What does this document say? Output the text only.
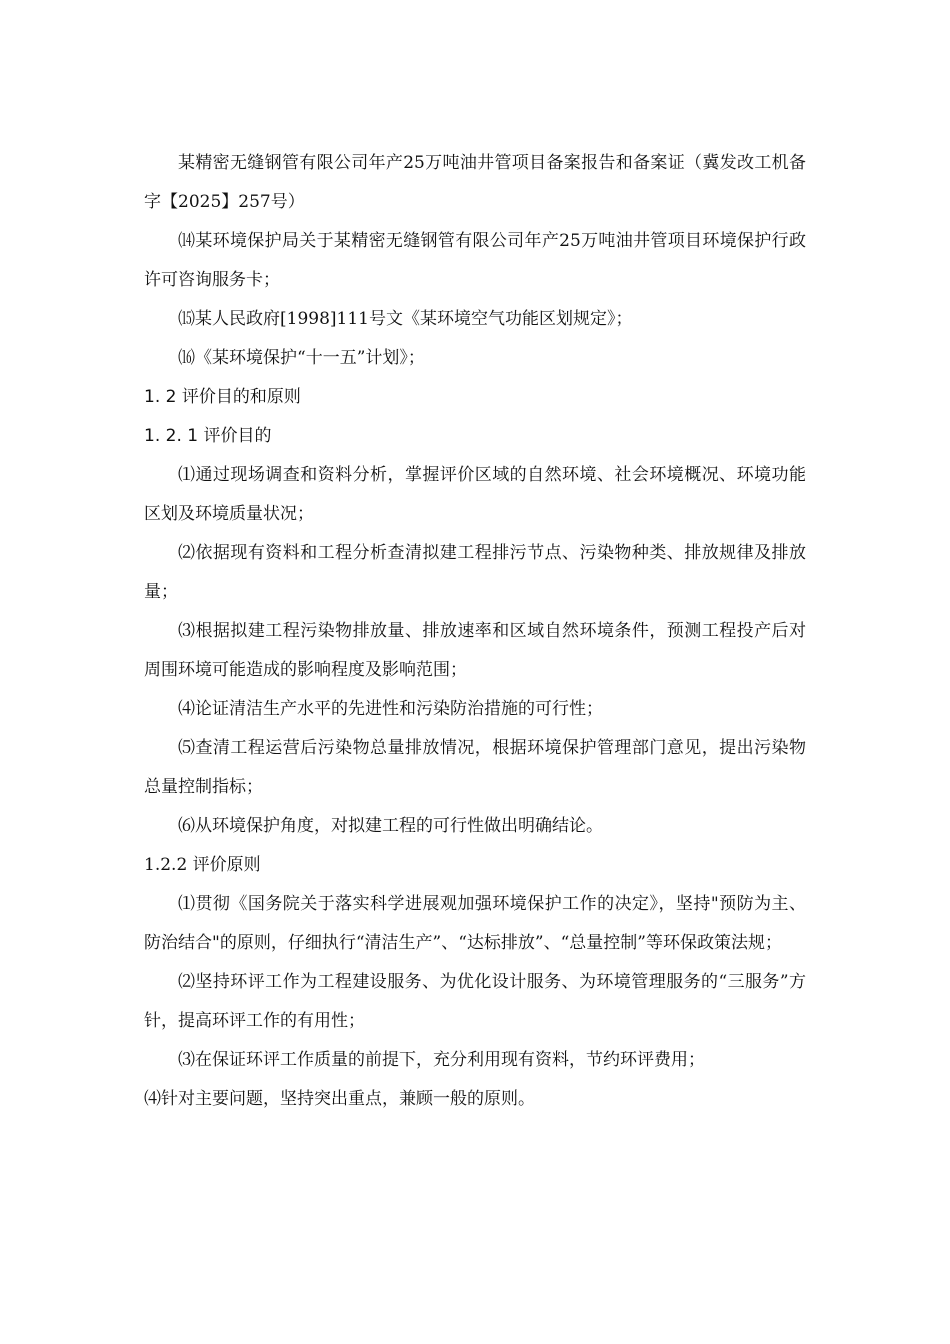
某精密无缝钢管有限公司年产25万吨油井管项目备案报告和备案证（冀发改工机备字【2025】257号）

⒁某环境保护局关于某精密无缝钢管有限公司年产25万吨油井管项目环境保护行政许可咨询服务卡；

⒂某人民政府[1998]111号文《某环境空气功能区划规定》；

⒃《某环境保护“十一五”计划》；

1. 2 评价目的和原则

1. 2. 1 评价目的

⑴通过现场调查和资料分析，掌握评价区域的自然环境、社会环境概况、环境功能区划及环境质量状况；

⑵依据现有资料和工程分析查清拟建工程排污节点、污染物种类、排放规律及排放量；

⑶根据拟建工程污染物排放量、排放速率和区域自然环境条件，预测工程投产后对周围环境可能造成的影响程度及影响范围；

⑷论证清洁生产水平的先进性和污染防治措施的可行性；

⑸查清工程运营后污染物总量排放情况，根据环境保护管理部门意见，提出污染物总量控制指标；

⑹从环境保护角度，对拟建工程的可行性做出明确结论。

1.2.2 评价原则

⑴贯彻《国务院关于落实科学进展观加强环境保护工作的决定》，坚持"预防为主、防治结合"的原则，仔细执行“清洁生产”、“达标排放”、“总量控制”等环保政策法规；

⑵坚持环评工作为工程建设服务、为优化设计服务、为环境管理服务的“三服务”方针，提高环评工作的有用性；

⑶在保证环评工作质量的前提下，充分利用现有资料，节约环评费用；

⑷针对主要问题，坚持突出重点，兼顾一般的原则。
